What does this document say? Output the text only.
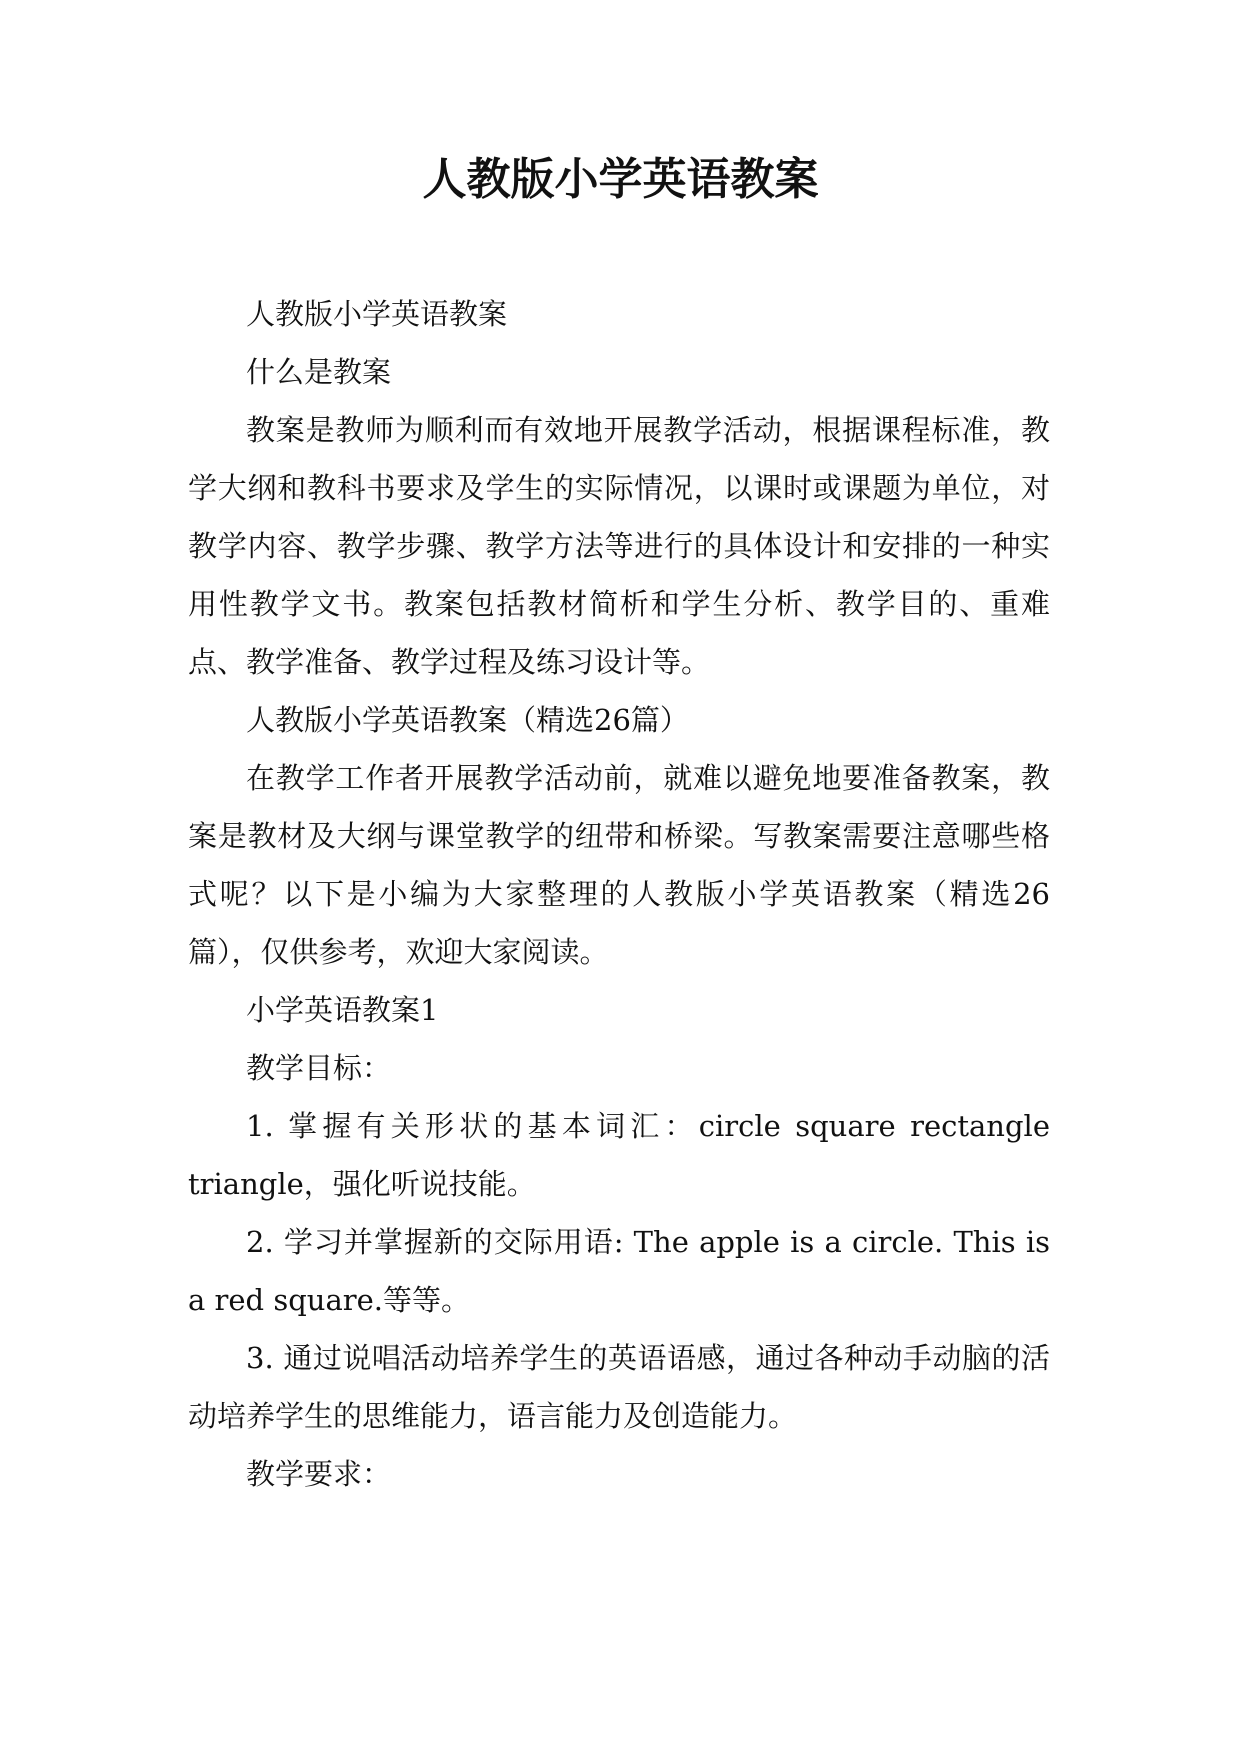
人教版小学英语教案

人教版小学英语教案

什么是教案

教案是教师为顺利而有效地开展教学活动，根据课程标准，教学大纲和教科书要求及学生的实际情况，以课时或课题为单位，对教学内容、教学步骤、教学方法等进行的具体设计和安排的一种实用性教学文书。教案包括教材简析和学生分析、教学目的、重难点、教学准备、教学过程及练习设计等。

人教版小学英语教案（精选26篇）

在教学工作者开展教学活动前，就难以避免地要准备教案，教案是教材及大纲与课堂教学的纽带和桥梁。写教案需要注意哪些格式呢？以下是小编为大家整理的人教版小学英语教案（精选26篇），仅供参考，欢迎大家阅读。

小学英语教案1

教学目标：

1. 掌握有关形状的基本词汇：circle square rectangle triangle，强化听说技能。

2. 学习并掌握新的交际用语: The apple is a circle. This is a red square.等等。

3. 通过说唱活动培养学生的英语语感，通过各种动手动脑的活动培养学生的思维能力，语言能力及创造能力。

教学要求：
